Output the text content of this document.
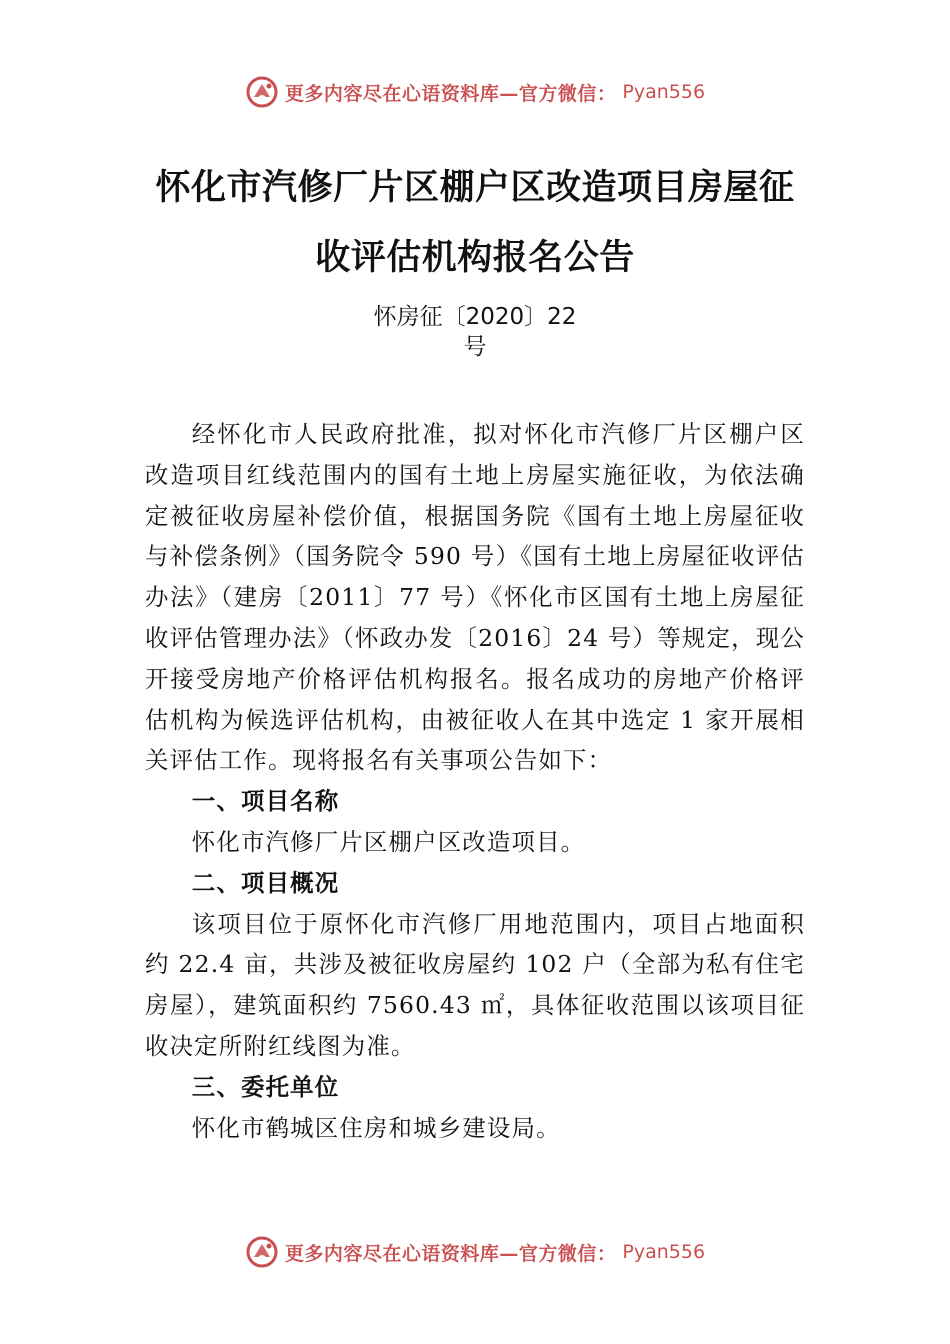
更多内容尽在心语资料库—官方微信： Pyan556
怀化市汽修厂片区棚户区改造项目房屋征
收评估机构报名公告
怀房征〔2020〕22
号

经怀化市人民政府批准，拟对怀化市汽修厂片区棚户区改造项目红线范围内的国有土地上房屋实施征收，为依法确定被征收房屋补偿价值，根据国务院《国有土地上房屋征收与补偿条例》（国务院令 590 号）《国有土地上房屋征收评估办法》（建房〔2011〕77 号）《怀化市区国有土地上房屋征收评估管理办法》（怀政办发〔2016〕24 号）等规定，现公开接受房地产价格评估机构报名。报名成功的房地产价格评估机构为候选评估机构，由被征收人在其中选定 1 家开展相关评估工作。现将报名有关事项公告如下：

一、项目名称

怀化市汽修厂片区棚户区改造项目。

二、项目概况

该项目位于原怀化市汽修厂用地范围内，项目占地面积约 22.4 亩，共涉及被征收房屋约 102 户（全部为私有住宅房屋），建筑面积约 7560.43 ㎡，具体征收范围以该项目征收决定所附红线图为准。

三、委托单位

怀化市鹤城区住房和城乡建设局。

更多内容尽在心语资料库—官方微信： Pyan556
